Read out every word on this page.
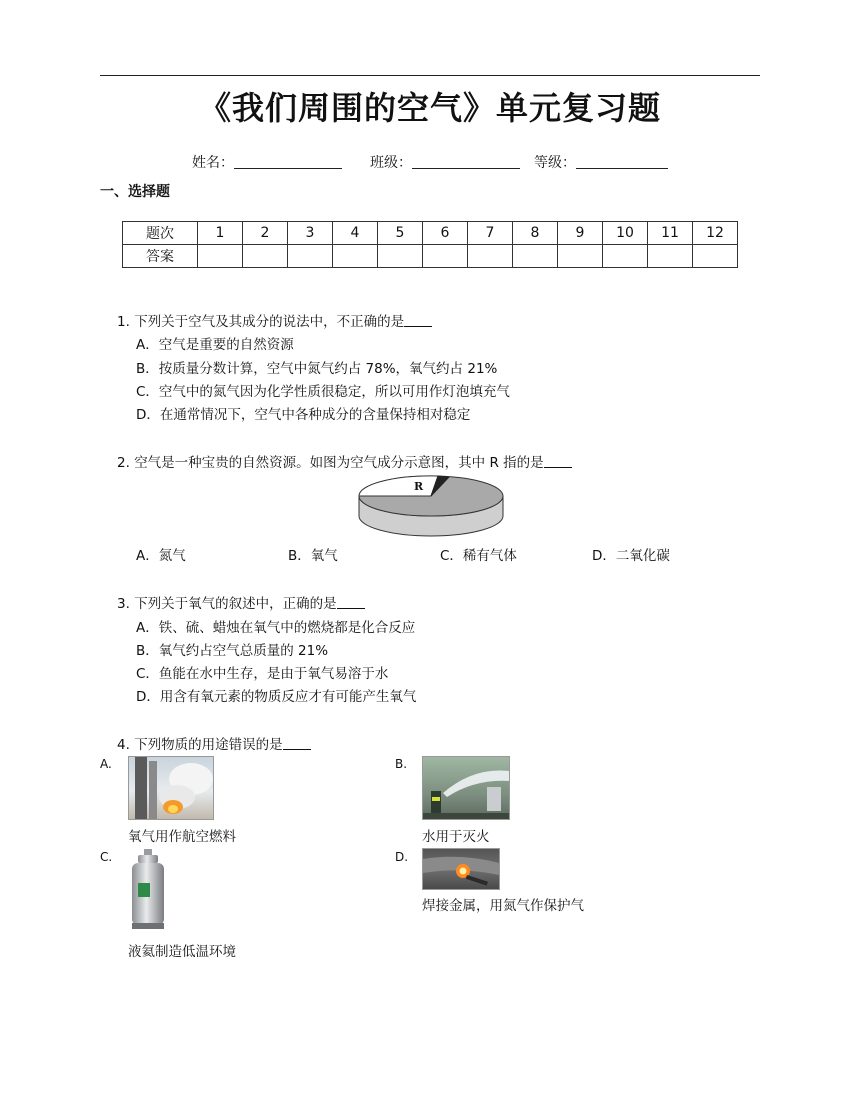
《我们周围的空气》单元复习题
姓名：	班级：	等级：
一、选择题
题次	1	2	3	4	5	6	7	8	9	10	11	12
答案												
1. 下列关于空气及其成分的说法中，不正确的是
A．空气是重要的自然资源
B．按质量分数计算，空气中氮气约占 78%，氧气约占 21%
C．空气中的氮气因为化学性质很稳定，所以可用作灯泡填充气
D．在通常情况下，空气中各种成分的含量保持相对稳定
2. 空气是一种宝贵的自然资源。如图为空气成分示意图，其中 R 指的是
R
A．氮气	B．氧气	C．稀有气体	D．二氧化碳
3. 下列关于氧气的叙述中，正确的是
A．铁、硫、蜡烛在氧气中的燃烧都是化合反应
B．氧气约占空气总质量的 21%
C．鱼能在水中生存，是由于氧气易溶于水
D．用含有氧元素的物质反应才有可能产生氧气
4. 下列物质的用途错误的是
A.
氧气用作航空燃料
B.
水用于灭火
C.
液氦制造低温环境
D.
焊接金属，用氮气作保护气
